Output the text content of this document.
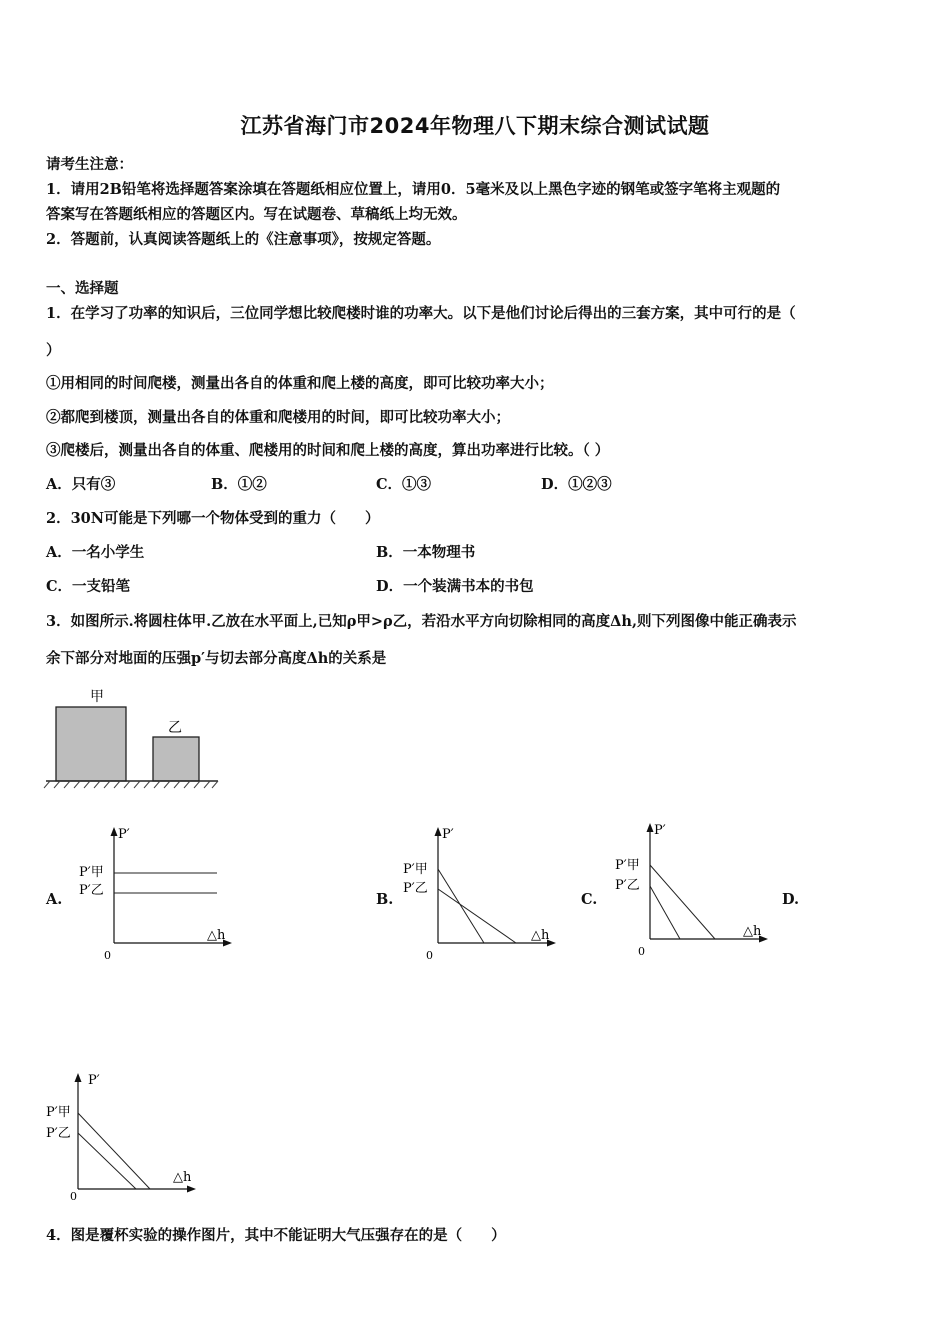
江苏省海门市2024年物理八下期末综合测试试题
请考生注意：
1．请用2B铅笔将选择题答案涂填在答题纸相应位置上，请用0．5毫米及以上黑色字迹的钢笔或签字笔将主观题的
答案写在答题纸相应的答题区内。写在试题卷、草稿纸上均无效。
2．答题前，认真阅读答题纸上的《注意事项》，按规定答题。
一、选择题
1．在学习了功率的知识后，三位同学想比较爬楼时谁的功率大。以下是他们讨论后得出的三套方案，其中可行的是（
）
①用相同的时间爬楼，测量出各自的体重和爬上楼的高度，即可比较功率大小；
②都爬到楼顶，测量出各自的体重和爬楼用的时间，即可比较功率大小；
③爬楼后，测量出各自的体重、爬楼用的时间和爬上楼的高度，算出功率进行比较。（ ）
A．只有③	B．①②	C．①③	D．①②③
2．30N可能是下列哪一个物体受到的重力（　　）
A．一名小学生	B．一本物理书
C．一支铅笔	D．一个装满书本的书包
3．如图所示.将圆柱体甲.乙放在水平面上,已知ρ甲>ρ乙，若沿水平方向切除相同的高度Δh,则下列图像中能正确表示
余下部分对地面的压强p′与切去部分高度Δh的关系是
甲
乙
A.
P′
△h
0
P′甲
P′乙
B.
P′
△h
0
P′甲
P′乙
C.
P′
△h
0
P′甲
P′乙
D.
P′
△h
0
P′甲
P′乙
4．图是覆杯实验的操作图片，其中不能证明大气压强存在的是（　　）
